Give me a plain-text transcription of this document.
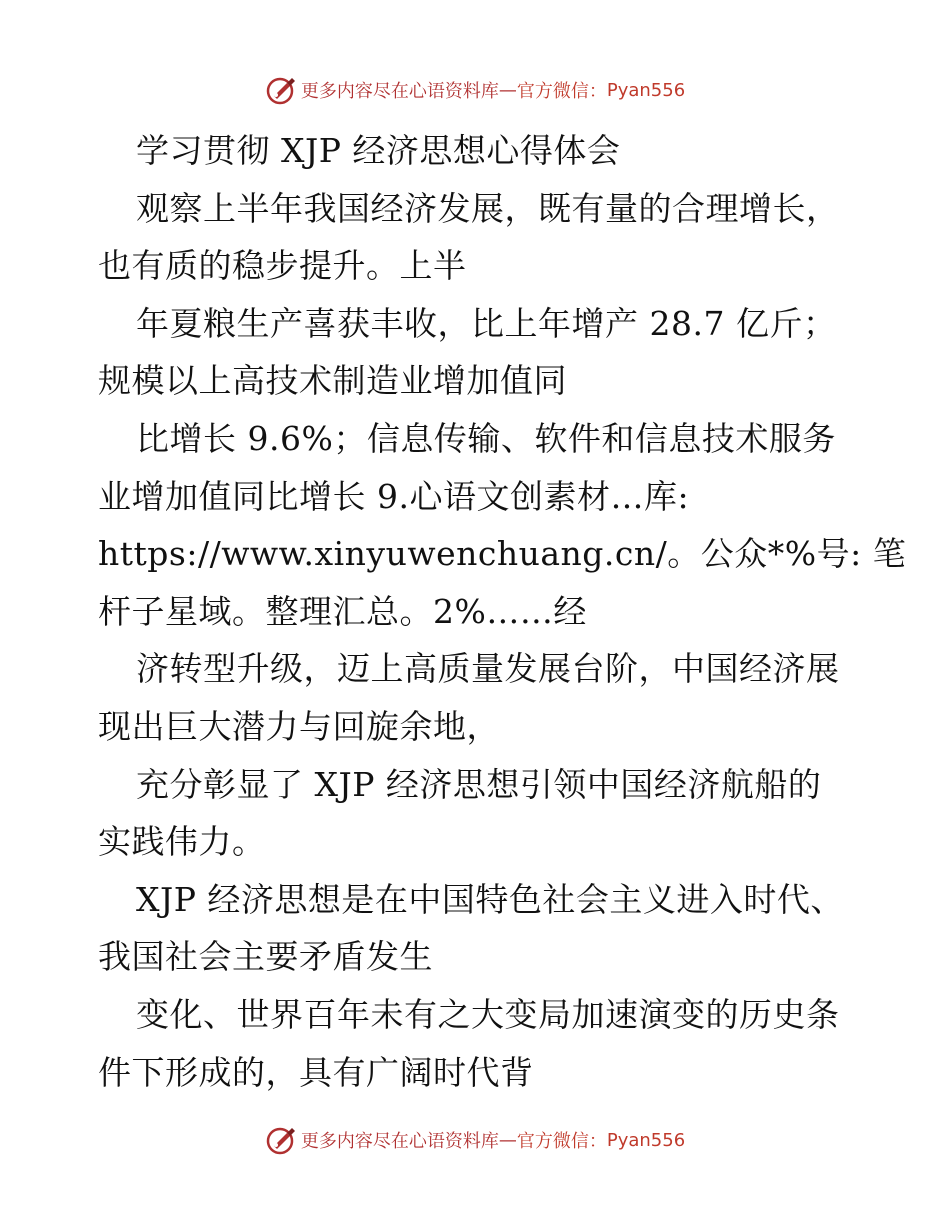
更多内容尽在心语资料库 — 官方微信： Pyan556
学习贯彻 XJP 经济思想心得体会
观察上半年我国经济发展，既有量的合理增长，
也有质的稳步提升。上半
年夏粮生产喜获丰收，比上年增产 28.7 亿斤；
规模以上高技术制造业增加值同
比增长 9.6%；信息传输、软件和信息技术服务
业增加值同比增长 9.心语文创素材…库:
https://www.xinyuwenchuang.cn/。公众*%号: 笔
杆子星域。整理汇总。2%……经
济转型升级，迈上高质量发展台阶，中国经济展
现出巨大潜力与回旋余地，
充分彰显了 XJP 经济思想引领中国经济航船的
实践伟力。
XJP 经济思想是在中国特色社会主义进入时代、
我国社会主要矛盾发生
变化、世界百年未有之大变局加速演变的历史条
件下形成的，具有广阔时代背
更多内容尽在心语资料库 — 官方微信： Pyan556
